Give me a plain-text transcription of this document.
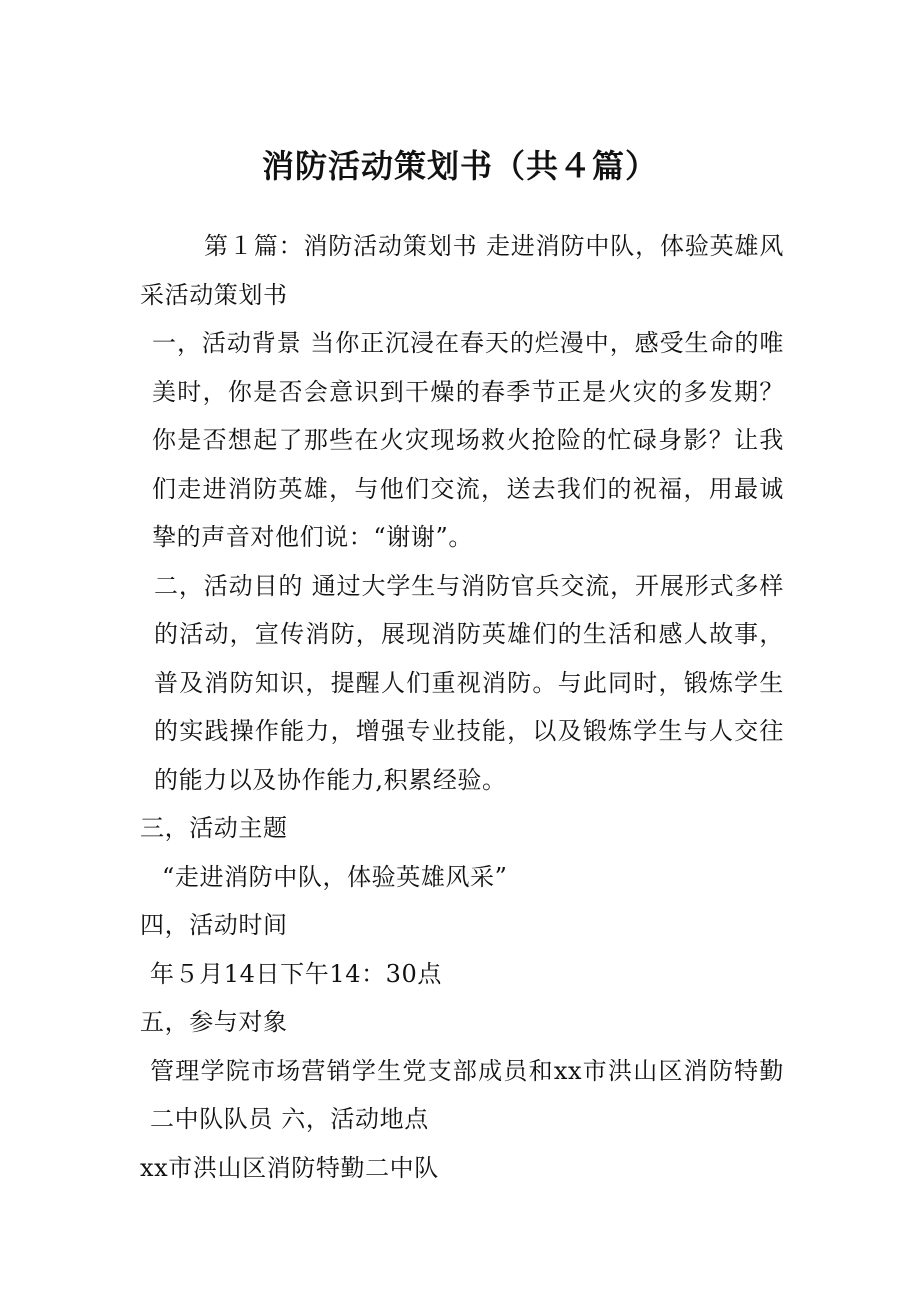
消防活动策划书（共４篇）

第１篇：消防活动策划书 走进消防中队，体验英雄风采活动策划书

一，活动背景 当你正沉浸在春天的烂漫中，感受生命的唯美时，你是否会意识到干燥的春季节正是火灾的多发期？你是否想起了那些在火灾现场救火抢险的忙碌身影？让我们走进消防英雄，与他们交流，送去我们的祝福，用最诚挚的声音对他们说：“谢谢”。

二，活动目的 通过大学生与消防官兵交流，开展形式多样的活动，宣传消防，展现消防英雄们的生活和感人故事，普及消防知识，提醒人们重视消防。与此同时，锻炼学生的实践操作能力，增强专业技能，以及锻炼学生与人交往的能力以及协作能力,积累经验。

三，活动主题

“走进消防中队，体验英雄风采”

四，活动时间

年５月14日下午14：30点

五，参与对象

管理学院市场营销学生党支部成员和xx市洪山区消防特勤二中队队员 六，活动地点

xx市洪山区消防特勤二中队
